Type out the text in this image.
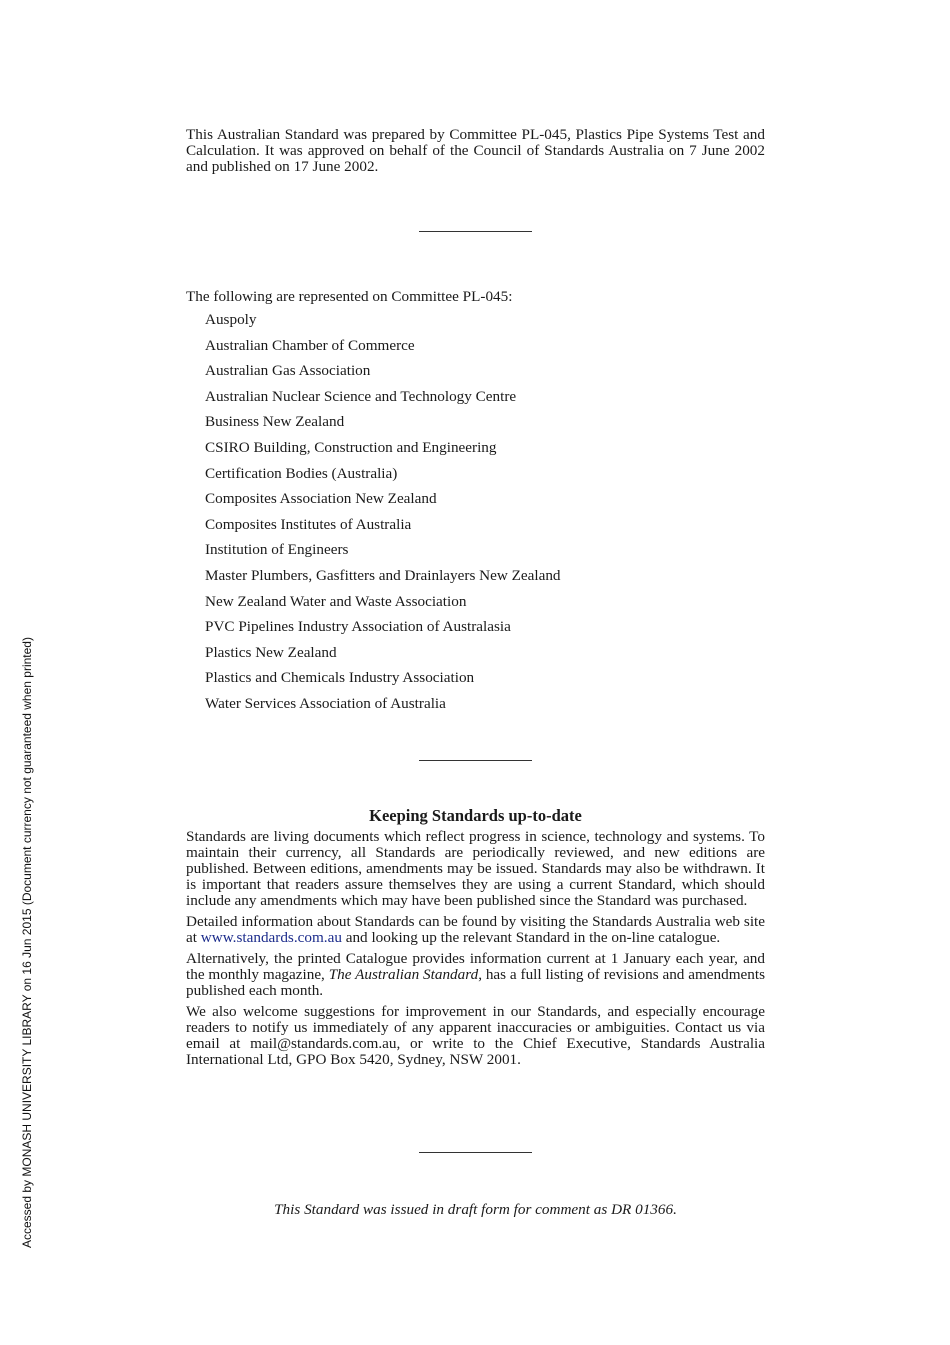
This Australian Standard was prepared by Committee PL-045, Plastics Pipe Systems Test and Calculation. It was approved on behalf of the Council of Standards Australia on 7 June 2002 and published on 17 June 2002.
The following are represented on Committee PL-045:
Auspoly
Australian Chamber of Commerce
Australian Gas Association
Australian Nuclear Science and Technology Centre
Business New Zealand
CSIRO Building, Construction and Engineering
Certification Bodies (Australia)
Composites Association New Zealand
Composites Institutes of Australia
Institution of Engineers
Master Plumbers, Gasfitters and Drainlayers New Zealand
New Zealand Water and Waste Association
PVC Pipelines Industry Association of Australasia
Plastics New Zealand
Plastics and Chemicals Industry Association
Water Services Association of Australia
Keeping Standards up-to-date

Standards are living documents which reflect progress in science, technology and systems. To maintain their currency, all Standards are periodically reviewed, and new editions are published. Between editions, amendments may be issued. Standards may also be withdrawn. It is important that readers assure themselves they are using a current Standard, which should include any amendments which may have been published since the Standard was purchased.

Detailed information about Standards can be found by visiting the Standards Australia web site at www.standards.com.au and looking up the relevant Standard in the on-line catalogue.

Alternatively, the printed Catalogue provides information current at 1 January each year, and the monthly magazine, The Australian Standard, has a full listing of revisions and amendments published each month.

We also welcome suggestions for improvement in our Standards, and especially encourage readers to notify us immediately of any apparent inaccuracies or ambiguities. Contact us via email at mail@standards.com.au, or write to the Chief Executive, Standards Australia International Ltd, GPO Box 5420, Sydney, NSW 2001.

This Standard was issued in draft form for comment as DR 01366.
Accessed by MONASH UNIVERSITY LIBRARY on 16 Jun 2015 (Document currency not guaranteed when printed)
